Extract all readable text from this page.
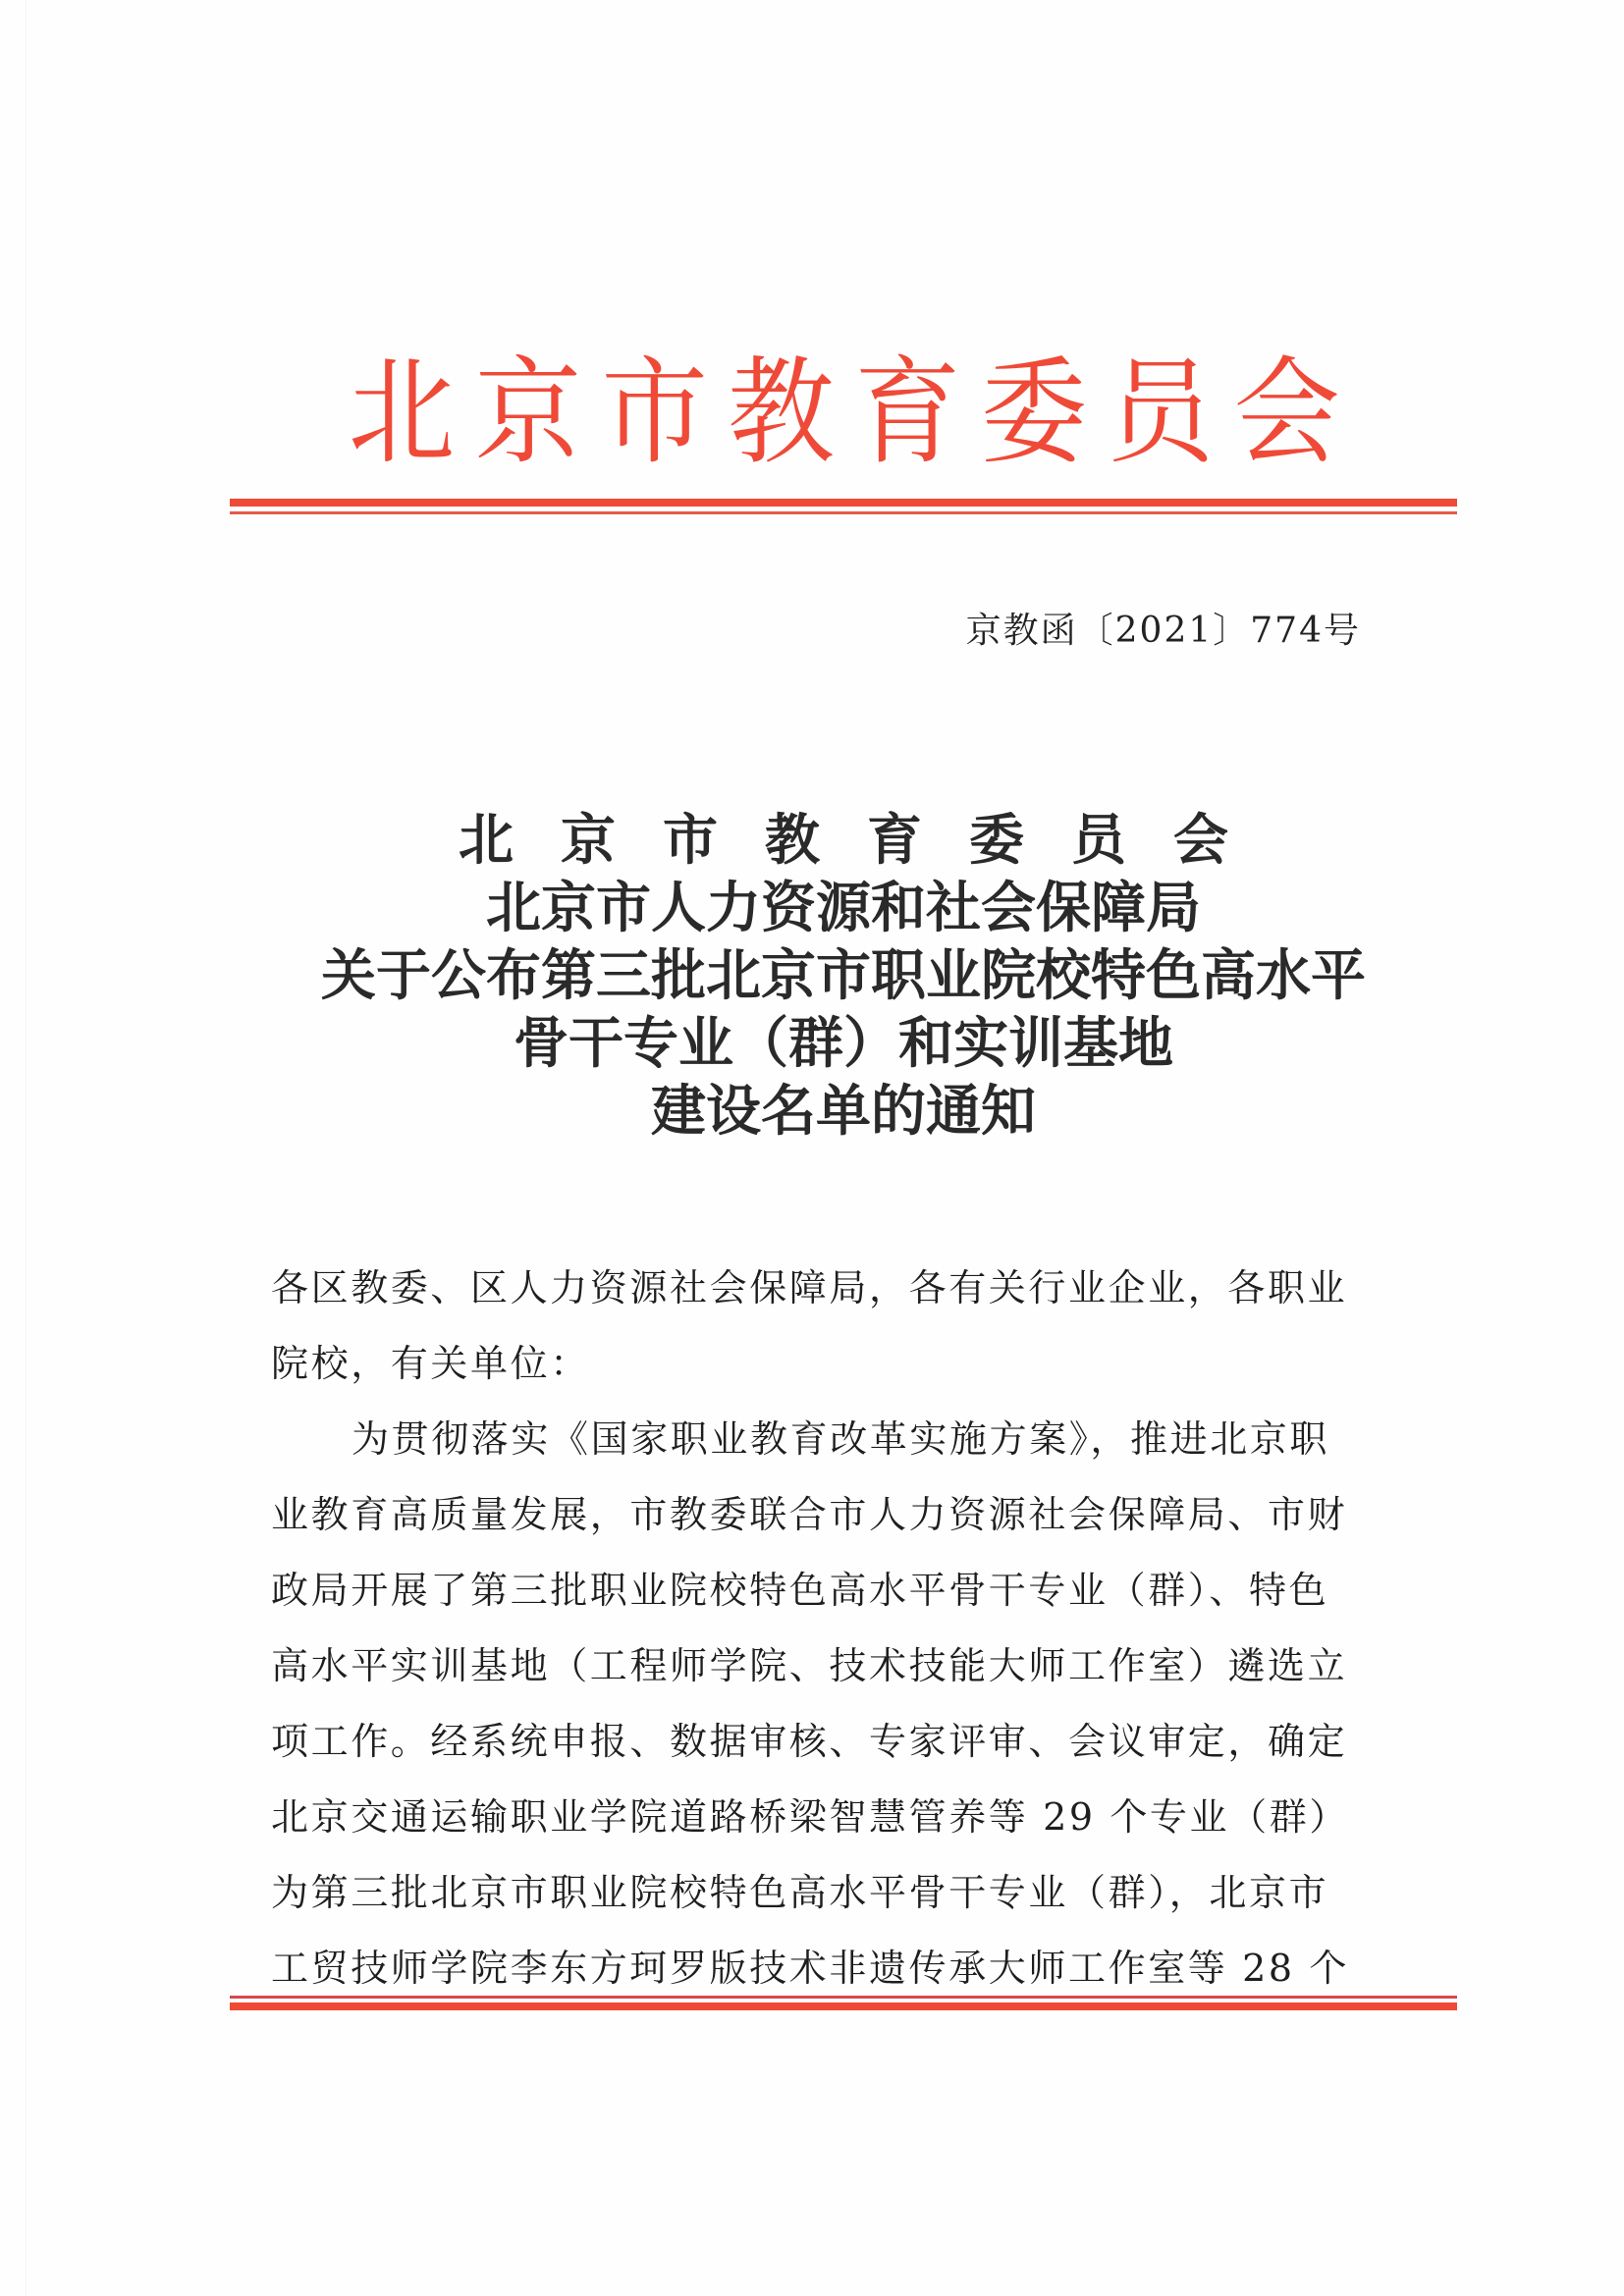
北京市教育委员会
京教函〔2021〕774号
北京市教育委员会
北京市人力资源和社会保障局
关于公布第三批北京市职业院校特色高水平
骨干专业（群）和实训基地
建设名单的通知
各区教委、区人力资源社会保障局，各有关行业企业，各职业
院校，有关单位：
为贯彻落实《国家职业教育改革实施方案》，推进北京职
业教育高质量发展，市教委联合市人力资源社会保障局、市财
政局开展了第三批职业院校特色高水平骨干专业（群）、特色
高水平实训基地（工程师学院、技术技能大师工作室）遴选立
项工作。经系统申报、数据审核、专家评审、会议审定，确定
北京交通运输职业学院道路桥梁智慧管养等 29 个专业（群）
为第三批北京市职业院校特色高水平骨干专业（群），北京市
工贸技师学院李东方珂罗版技术非遗传承大师工作室等 28 个
